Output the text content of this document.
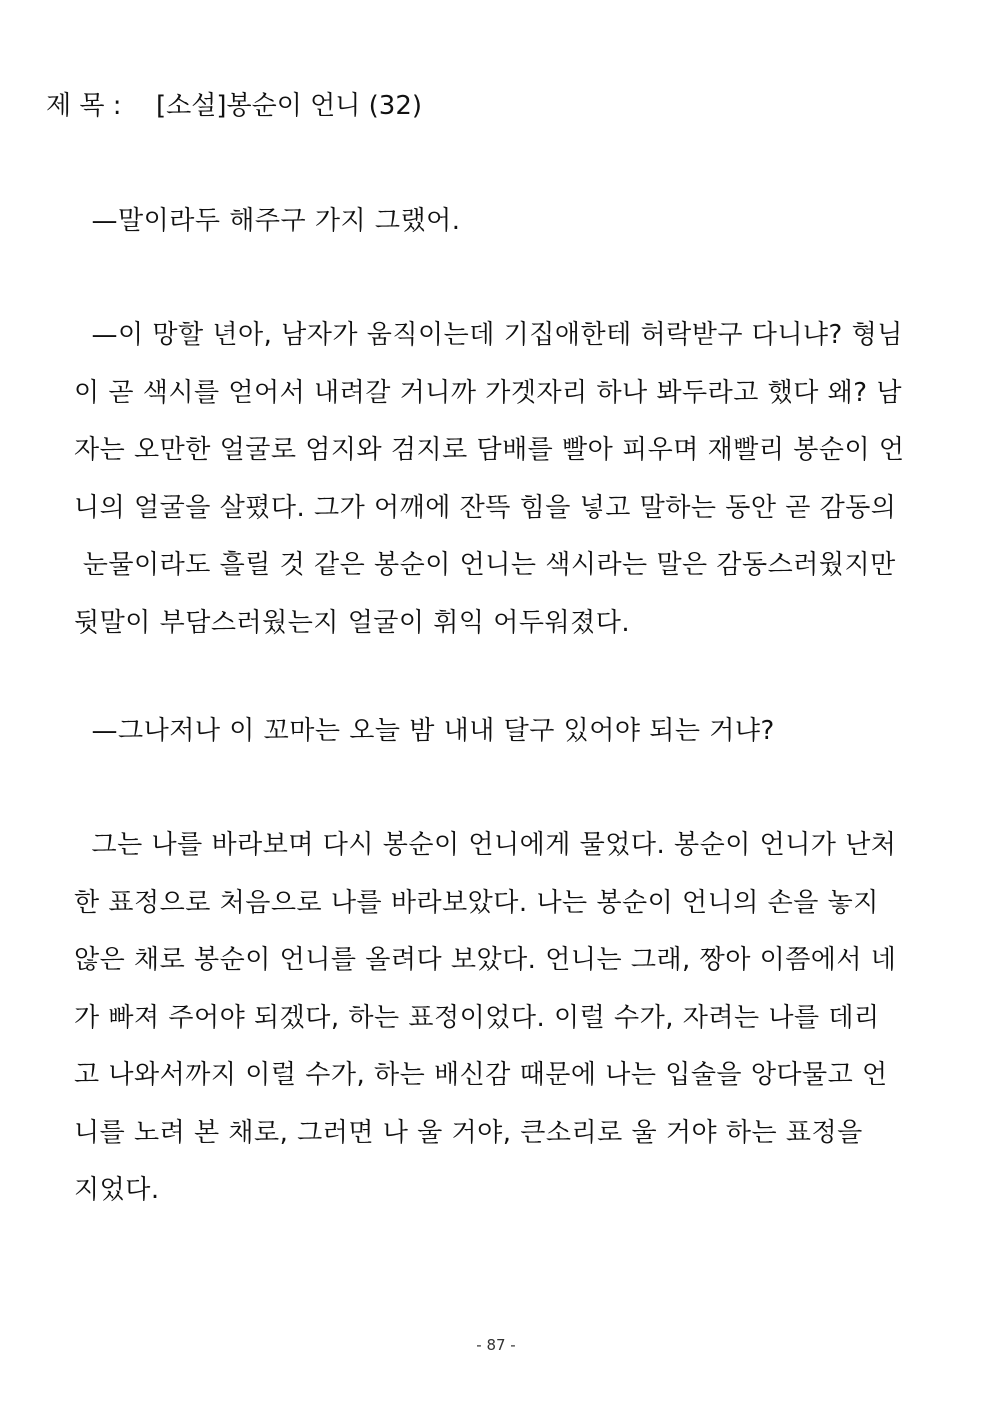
제 목 : [소설]봉순이 언니 (32)
—말이라두 해주구 가지 그랬어.
—이 망할 년아, 남자가 움직이는데 기집애한테 허락받구 다니냐? 형님
이 곧 색시를 얻어서 내려갈 거니까 가겟자리 하나 봐두라고 했다 왜? 남
자는 오만한 얼굴로 엄지와 검지로 담배를 빨아 피우며 재빨리 봉순이 언
니의 얼굴을 살폈다. 그가 어깨에 잔뜩 힘을 넣고 말하는 동안 곧 감동의
눈물이라도 흘릴 것 같은 봉순이 언니는 색시라는 말은 감동스러웠지만
뒷말이 부담스러웠는지 얼굴이 휘익 어두워졌다.
—그나저나 이 꼬마는 오늘 밤 내내 달구 있어야 되는 거냐?
그는 나를 바라보며 다시 봉순이 언니에게 물었다. 봉순이 언니가 난처
한 표정으로 처음으로 나를 바라보았다. 나는 봉순이 언니의 손을 놓지
않은 채로 봉순이 언니를 올려다 보았다. 언니는 그래, 짱아 이쯤에서 네
가 빠져 주어야 되겠다, 하는 표정이었다. 이럴 수가, 자려는 나를 데리
고 나와서까지 이럴 수가, 하는 배신감 때문에 나는 입술을 앙다물고 언
니를 노려 본 채로, 그러면 나 울 거야, 큰소리로 울 거야 하는 표정을
지었다.
- 87 -
